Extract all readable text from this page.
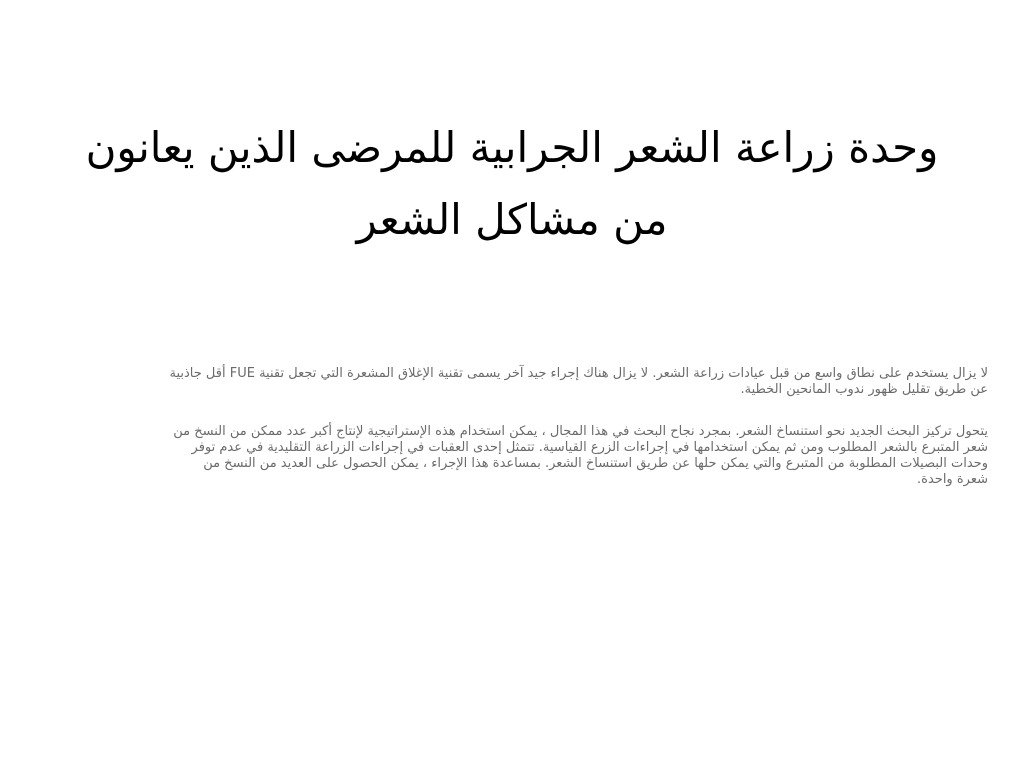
وحدة زراعة الشعر الجرابية للمرضى الذين يعانون من مشاكل الشعر

لا يزال يستخدم على نطاق واسع من قبل عيادات زراعة الشعر. لا يزال هناك إجراء جيد آخر يسمى تقنية الإغلاق المشعرة التي تجعل تقنية FUE أقل جاذبية عن طريق تقليل ظهور ندوب المانحين الخطية.

يتحول تركيز البحث الجديد نحو استنساخ الشعر. بمجرد نجاح البحث في هذا المجال ، يمكن استخدام هذه الإستراتيجية لإنتاج أكبر عدد ممكن من النسخ من شعر المتبرع بالشعر المطلوب ومن ثم يمكن استخدامها في إجراءات الزرع القياسية. تتمثل إحدى العقبات في إجراءات الزراعة التقليدية في عدم توفر وحدات البصيلات المطلوبة من المتبرع والتي يمكن حلها عن طريق استنساخ الشعر. بمساعدة هذا الإجراء ، يمكن الحصول على العديد من النسخ من شعرة واحدة.
